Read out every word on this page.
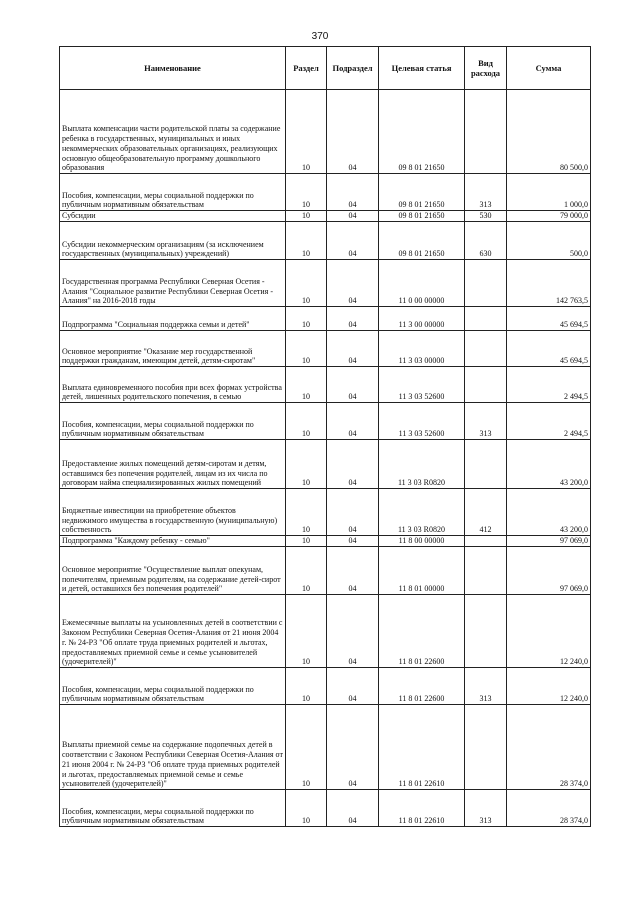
370
Наименование	Раздел	Подраздел	Целевая статья	Вид расхода	Сумма
Выплата компенсации части родительской платы за содержание ребенка в государственных, муниципальных и иных некоммерческих образовательных организациях, реализующих основную общеобразовательную программу дошкольного образования	10	04	09 8 01 21650		80 500,0
Пособия, компенсации, меры социальной поддержки по публичным нормативным обязательствам	10	04	09 8 01 21650	313	1 000,0
Субсидии	10	04	09 8 01 21650	530	79 000,0
Субсидии некоммерческим организациям (за исключением государственных (муниципальных) учреждений)	10	04	09 8 01 21650	630	500,0
Государственная программа Республики Северная Осетия - Алания "Социальное развитие Республики Северная Осетия - Алания" на 2016-2018 годы	10	04	11 0 00 00000		142 763,5
Подпрограмма "Социальная поддержка семьи и детей"	10	04	11 3 00 00000		45 694,5
Основное мероприятие "Оказание мер государственной поддержки гражданам, имеющим детей, детям-сиротам"	10	04	11 3 03 00000		45 694,5
Выплата единовременного пособия при всех формах устройства детей, лишенных родительского попечения, в семью	10	04	11 3 03 52600		2 494,5
Пособия, компенсации, меры социальной поддержки по публичным нормативным обязательствам	10	04	11 3 03 52600	313	2 494,5
Предоставление жилых помещений детям-сиротам и детям, оставшимся без попечения родителей, лицам из их числа по договорам найма специализированных жилых помещений	10	04	11 3 03 R0820		43 200,0
Бюджетные инвестиции на приобретение объектов недвижимого имущества в государственную (муниципальную) собственность	10	04	11 3 03 R0820	412	43 200,0
Подпрограмма "Каждому ребенку - семью"	10	04	11 8 00 00000		97 069,0
Основное мероприятие "Осуществление выплат опекунам, попечителям, приемным родителям, на содержание детей-сирот и детей, оставшихся без попечения родителей"	10	04	11 8 01 00000		97 069,0
Ежемесячные выплаты на усыновленных детей в соответствии с Законом Республики Северная Осетия-Алания от 21 июня 2004 г. № 24-РЗ "Об оплате труда приемных родителей и льготах, предоставляемых приемной семье и семье усыновителей (удочерителей)"	10	04	11 8 01 22600		12 240,0
Пособия, компенсации, меры социальной поддержки по публичным нормативным обязательствам	10	04	11 8 01 22600	313	12 240,0
Выплаты приемной семье на содержание подопечных детей в соответствии с Законом Республики Северная Осетия-Алания от 21 июня 2004 г. № 24-РЗ "Об оплате труда приемных родителей и льготах, предоставляемых приемной семье и семье усыновителей (удочерителей)"	10	04	11 8 01 22610		28 374,0
Пособия, компенсации, меры социальной поддержки по публичным нормативным обязательствам	10	04	11 8 01 22610	313	28 374,0
